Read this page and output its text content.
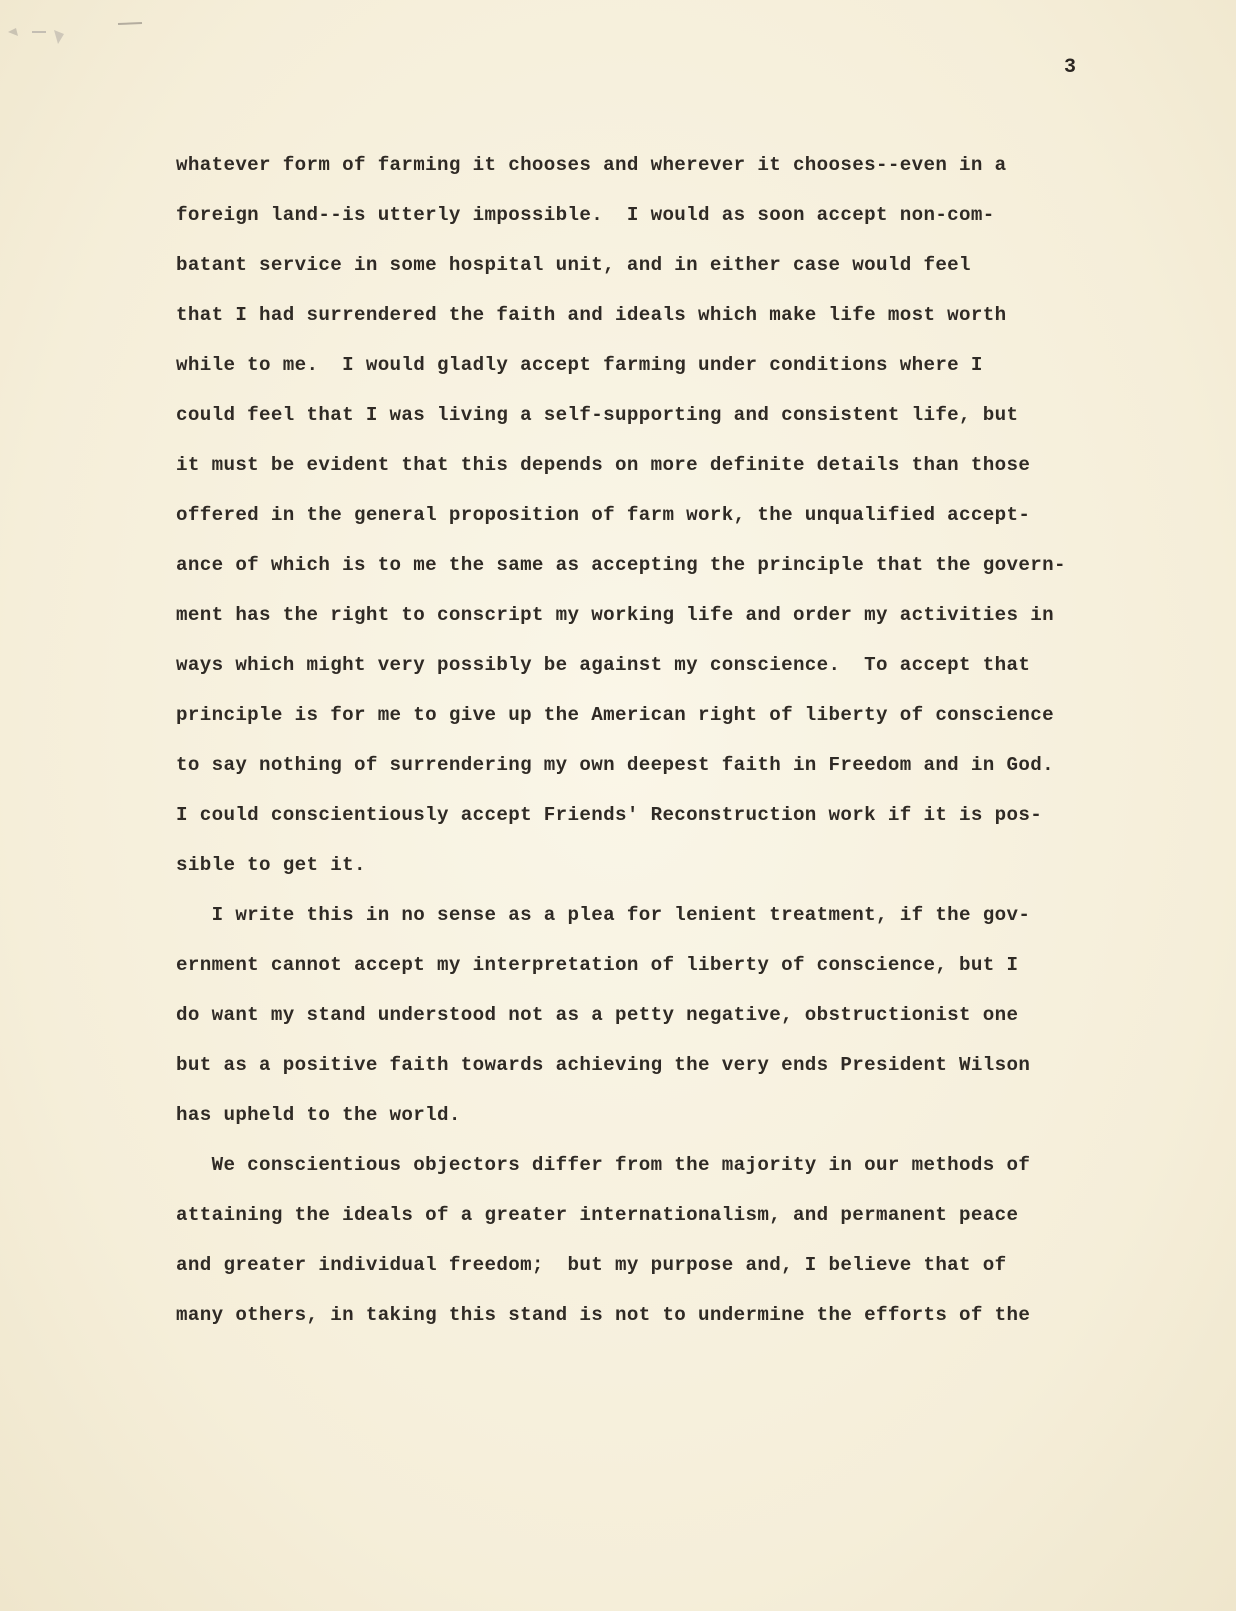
3
whatever form of farming it chooses and wherever it chooses--even in a
foreign land--is utterly impossible.  I would as soon accept non-com-
batant service in some hospital unit, and in either case would feel
that I had surrendered the faith and ideals which make life most worth
while to me.  I would gladly accept farming under conditions where I
could feel that I was living a self-supporting and consistent life, but
it must be evident that this depends on more definite details than those
offered in the general proposition of farm work, the unqualified accept-
ance of which is to me the same as accepting the principle that the govern-
ment has the right to conscript my working life and order my activities in
ways which might very possibly be against my conscience.  To accept that
principle is for me to give up the American right of liberty of conscience
to say nothing of surrendering my own deepest faith in Freedom and in God.
I could conscientiously accept Friends' Reconstruction work if it is pos-
sible to get it.
I write this in no sense as a plea for lenient treatment, if the gov-
ernment cannot accept my interpretation of liberty of conscience, but I
do want my stand understood not as a petty negative, obstructionist one
but as a positive faith towards achieving the very ends President Wilson
has upheld to the world.
We conscientious objectors differ from the majority in our methods of
attaining the ideals of a greater internationalism, and permanent peace
and greater individual freedom;  but my purpose and, I believe that of
many others, in taking this stand is not to undermine the efforts of the
